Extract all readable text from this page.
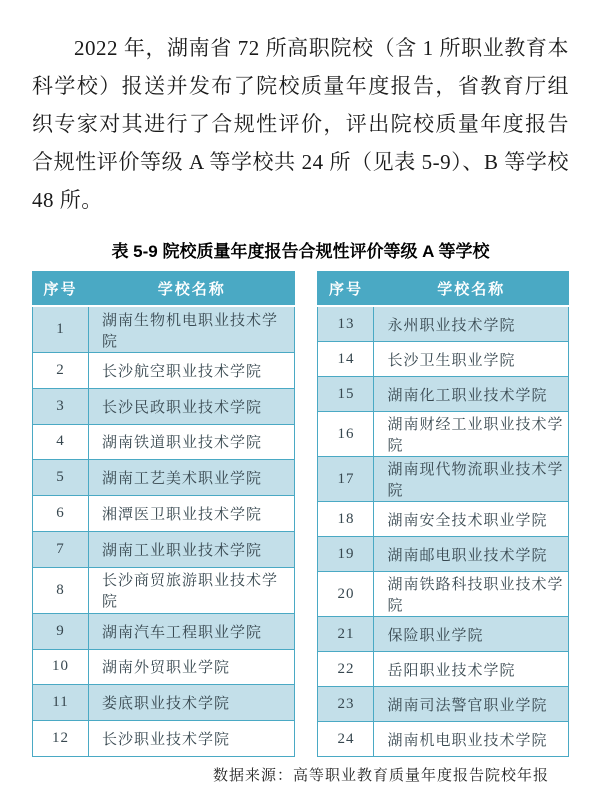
2022 年，湖南省 72 所高职院校（含 1 所职业教育本科学校）报送并发布了院校质量年度报告，省教育厅组织专家对其进行了合规性评价，评出院校质量年度报告合规性评价等级 A 等学校共 24 所（见表 5-9）、B 等学校 48 所。

表 5-9 院校质量年度报告合规性评价等级 A 等学校
序号	学校名称
1	湖南生物机电职业技术学院
2	长沙航空职业技术学院
3	长沙民政职业技术学院
4	湖南铁道职业技术学院
5	湖南工艺美术职业学院
6	湘潭医卫职业技术学院
7	湖南工业职业技术学院
8	长沙商贸旅游职业技术学院
9	湖南汽车工程职业学院
10	湖南外贸职业学院
11	娄底职业技术学院
12	长沙职业技术学院
序号	学校名称
13	永州职业技术学院
14	长沙卫生职业学院
15	湖南化工职业技术学院
16	湖南财经工业职业技术学院
17	湖南现代物流职业技术学院
18	湖南安全技术职业学院
19	湖南邮电职业技术学院
20	湖南铁路科技职业技术学院
21	保险职业学院
22	岳阳职业技术学院
23	湖南司法警官职业学院
24	湖南机电职业技术学院
数据来源：高等职业教育质量年度报告院校年报
